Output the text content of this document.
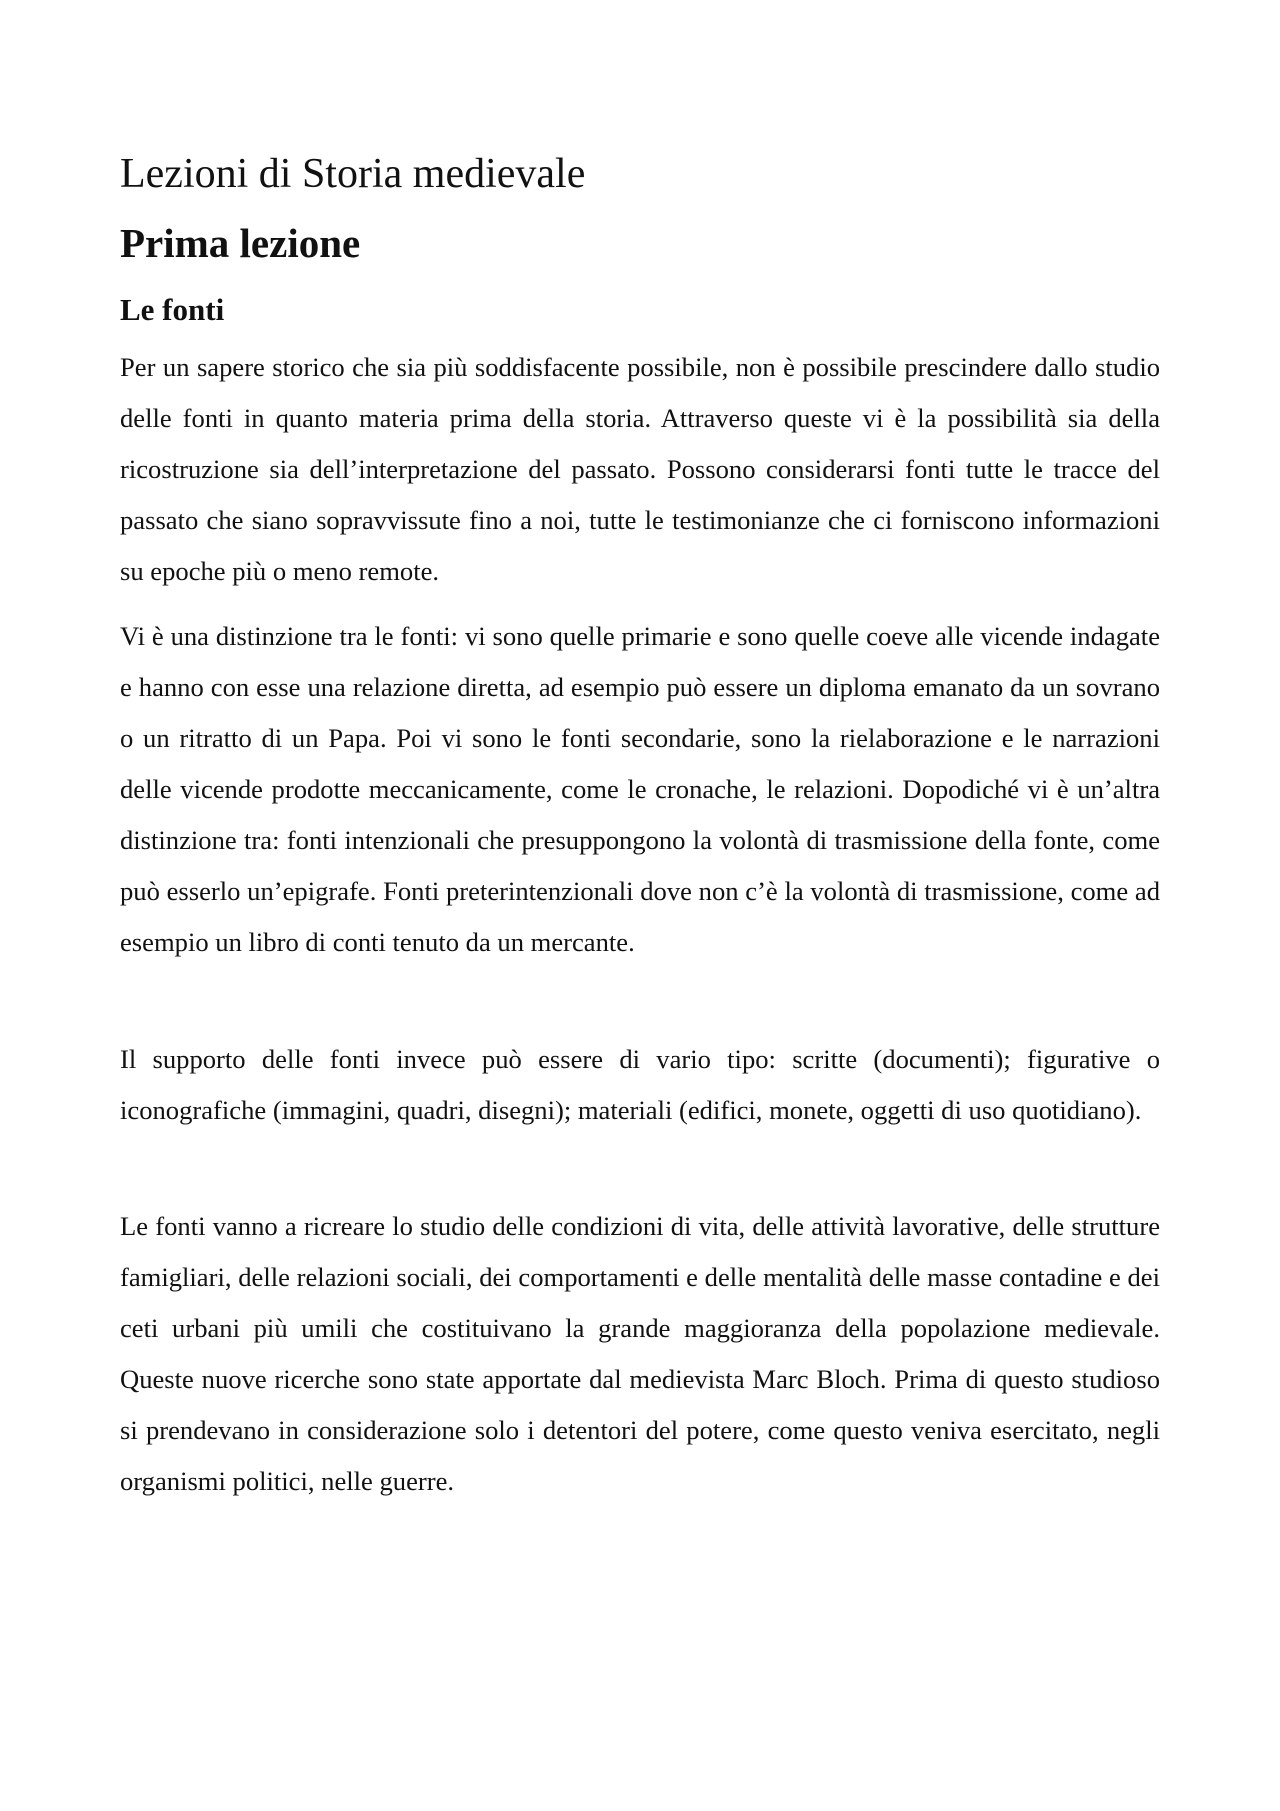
Lezioni di Storia medievale
Prima lezione
Le fonti

Per un sapere storico che sia più soddisfacente possibile, non è possibile prescindere dallo studio delle fonti in quanto materia prima della storia. Attraverso queste vi è la possibilità sia della ricostruzione sia dell’interpretazione del passato. Possono considerarsi fonti tutte le tracce del passato che siano sopravvissute fino a noi, tutte le testimonianze che ci forniscono informazioni su epoche più o meno remote.

Vi è una distinzione tra le fonti: vi sono quelle primarie e sono quelle coeve alle vicende indagate e hanno con esse una relazione diretta, ad esempio può essere un diploma emanato da un sovrano o un ritratto di un Papa. Poi vi sono le fonti secondarie, sono la rielaborazione e le narrazioni delle vicende prodotte meccanicamente, come le cronache, le relazioni. Dopodiché vi è un’altra distinzione tra: fonti intenzionali che presuppongono la volontà di trasmissione della fonte, come può esserlo un’epigrafe. Fonti preterintenzionali dove non c’è la volontà di trasmissione, come ad esempio un libro di conti tenuto da un mercante.

Il supporto delle fonti invece può essere di vario tipo: scritte (documenti); figurative o iconografiche (immagini, quadri, disegni); materiali (edifici, monete, oggetti di uso quotidiano).

Le fonti vanno a ricreare lo studio delle condizioni di vita, delle attività lavorative, delle strutture famigliari, delle relazioni sociali, dei comportamenti e delle mentalità delle masse contadine e dei ceti urbani più umili che costituivano la grande maggioranza della popolazione medievale. Queste nuove ricerche sono state apportate dal medievista Marc Bloch. Prima di questo studioso si prendevano in considerazione solo i detentori del potere, come questo veniva esercitato, negli organismi politici, nelle guerre.
